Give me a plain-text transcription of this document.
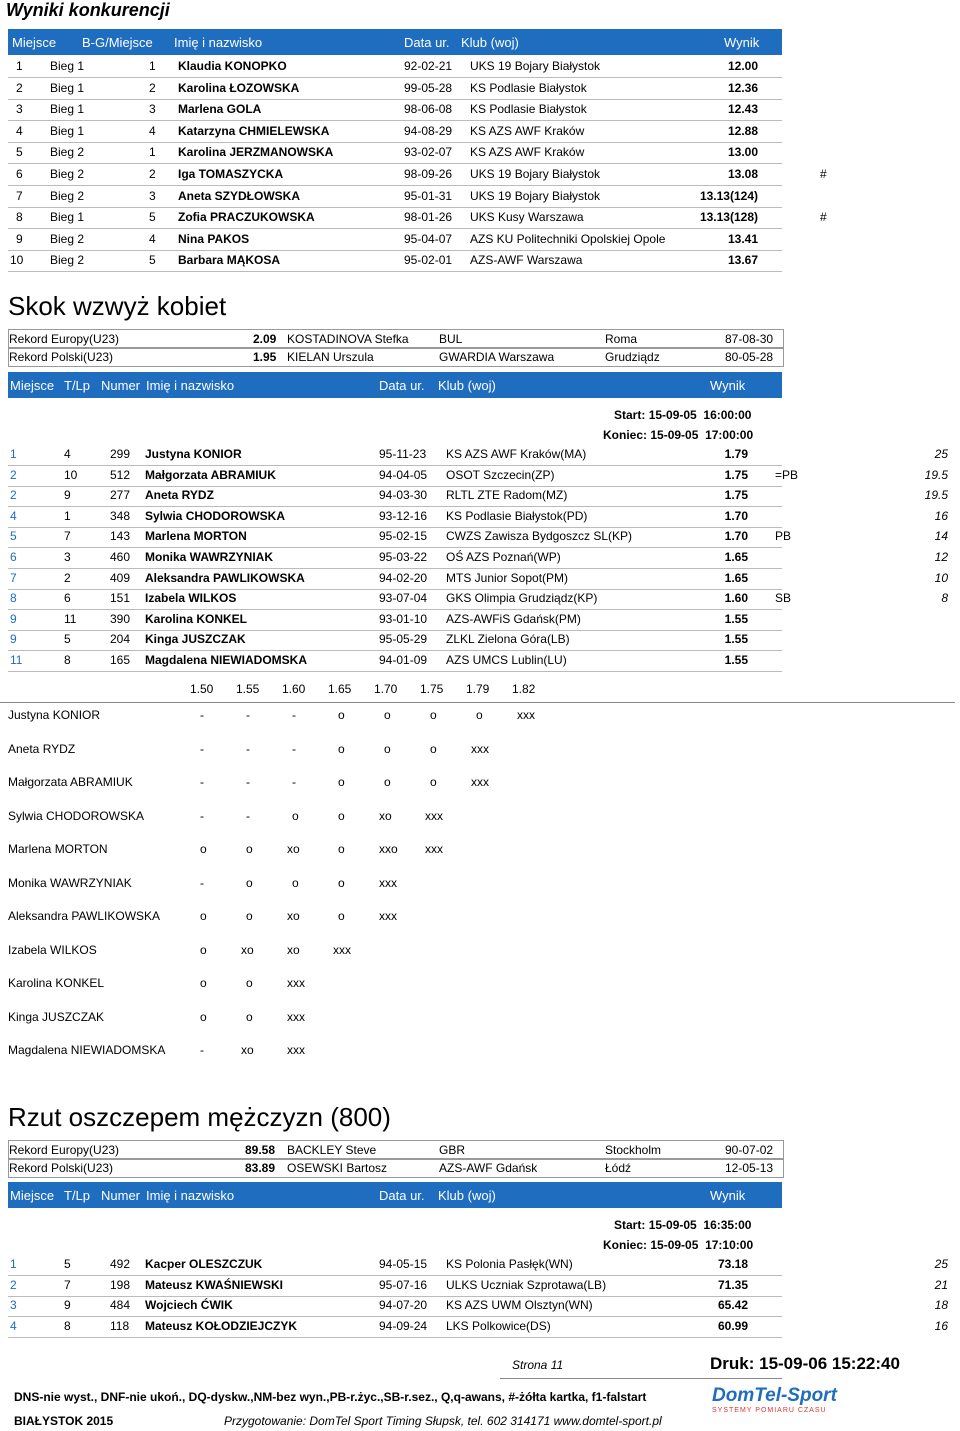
Wyniki konkurencji
Miejsce B-G/Miejsce Imię i nazwisko	Data ur. Klub (woj)	Wynik
1 Bieg 1	1 Klaudia KONOPKO	92-02-21 UKS 19 Bojary Białystok	12.00
2 Bieg 1	2 Karolina ŁOZOWSKA	99-05-28 KS Podlasie Białystok	12.36
3 Bieg 1	3 Marlena GOLA	98-06-08 KS Podlasie Białystok	12.43
4 Bieg 1	4 Katarzyna CHMIELEWSKA	94-08-29 KS AZS AWF Kraków	12.88
5 Bieg 2	1 Karolina JERZMANOWSKA	93-02-07 KS AZS AWF Kraków	13.00
6 Bieg 2	2 Iga TOMASZYCKA	98-09-26 UKS 19 Bojary Białystok	13.08	#
7 Bieg 2	3 Aneta SZYDŁOWSKA	95-01-31 UKS 19 Bojary Białystok	13.13(124)
8 Bieg 1	5 Zofia PRACZUKOWSKA	98-01-26 UKS Kusy Warszawa	13.13(128)	#
9 Bieg 2	4 Nina PAKOS	95-04-07 AZS KU Politechniki Opolskiej Opole	13.41
10 Bieg 2	5 Barbara MĄKOSA	95-02-01 AZS-AWF Warszawa	13.67
Skok wzwyż kobiet
Rekord Europy(U23)	2.09 KOSTADINOVA Stefka	BUL	Roma	87-08-30
Rekord Polski(U23)	1.95 KIELAN Urszula	GWARDIA Warszawa	Grudziądz	80-05-28
Miejsce T/Lp Numer Imię i nazwisko	Data ur. Klub (woj)	Wynik
Start: 15-09-05 16:00:00
Koniec: 15-09-05 17:00:00
1	4	299 Justyna KONIOR	95-11-23 KS AZS AWF Kraków(MA)	1.79	25
2	10	512 Małgorzata ABRAMIUK	94-04-05 OSOT Szczecin(ZP)	1.75 =PB	19.5
2	9	277 Aneta RYDZ	94-03-30 RLTL ZTE Radom(MZ)	1.75	19.5
4	1	348 Sylwia CHODOROWSKA	93-12-16 KS Podlasie Białystok(PD)	1.70	16
5	7	143 Marlena MORTON	95-02-15 CWZS Zawisza Bydgoszcz SL(KP)	1.70 PB	14
6	3	460 Monika WAWRZYNIAK	95-03-22 OŚ AZS Poznań(WP)	1.65	12
7	2	409 Aleksandra PAWLIKOWSKA	94-02-20 MTS Junior Sopot(PM)	1.65	10
8	6	151 Izabela WILKOS	93-07-04 GKS Olimpia Grudziądz(KP)	1.60 SB	8
9	11	390 Karolina KONKEL	93-01-10 AZS-AWFiS Gdańsk(PM)	1.55
9	5	204 Kinga JUSZCZAK	95-05-29 ZLKL Zielona Góra(LB)	1.55
11	8	165 Magdalena NIEWIADOMSKA	94-01-09 AZS UMCS Lublin(LU)	1.55
1.50 1.55 1.60 1.65 1.70 1.75 1.79 1.82
Justyna KONIOR	-	-	-	o	o	o	o	xxx
Aneta RYDZ	-	-	-	o	o	o	xxx
Małgorzata ABRAMIUK	-	-	-	o	o	o	xxx
Sylwia CHODOROWSKA	-	-	o	o	xo	xxx
Marlena MORTON	o	o	xo	o	xxo xxx
Monika WAWRZYNIAK	-	o	o	o	xxx
Aleksandra PAWLIKOWSKA	o	o	xo	o	xxx
Izabela WILKOS	o	xo	xo	xxx
Karolina KONKEL	o	o	xxx
Kinga JUSZCZAK	o	o	xxx
Magdalena NIEWIADOMSKA	-	xo	xxx
Rzut oszczepem mężczyzn (800)
Rekord Europy(U23)	89.58 BACKLEY Steve	GBR	Stockholm	90-07-02
Rekord Polski(U23)	83.89 OSEWSKI Bartosz	AZS-AWF Gdańsk	Łódź	12-05-13
Miejsce T/Lp Numer Imię i nazwisko	Data ur. Klub (woj)	Wynik
Start: 15-09-05 16:35:00
Koniec: 15-09-05 17:10:00
1	5	492 Kacper OLESZCZUK	94-05-15 KS Polonia Pasłęk(WN)	73.18	25
2	7	198 Mateusz KWAŚNIEWSKI	95-07-16 ULKS Uczniak Szprotawa(LB)	71.35	21
3	9	484 Wojciech ĆWIK	94-07-20 KS AZS UWM Olsztyn(WN)	65.42	18
4	8	118 Mateusz KOŁODZIEJCZYK	94-09-24 LKS Polkowice(DS)	60.99	16
Strona 11	Druk: 15-09-06 15:22:40
DNS-nie wyst., DNF-nie ukoń., DQ-dyskw.,NM-bez wyn.,PB-r.życ.,SB-r.sez., Q,q-awans, #-żółta kartka, f1-falstart	DomTel-Sport
SYSTEMY POMIARU CZASU
BIAŁYSTOK 2015	Przygotowanie: DomTel Sport Timing Słupsk, tel. 602 314171 www.domtel-sport.pl
